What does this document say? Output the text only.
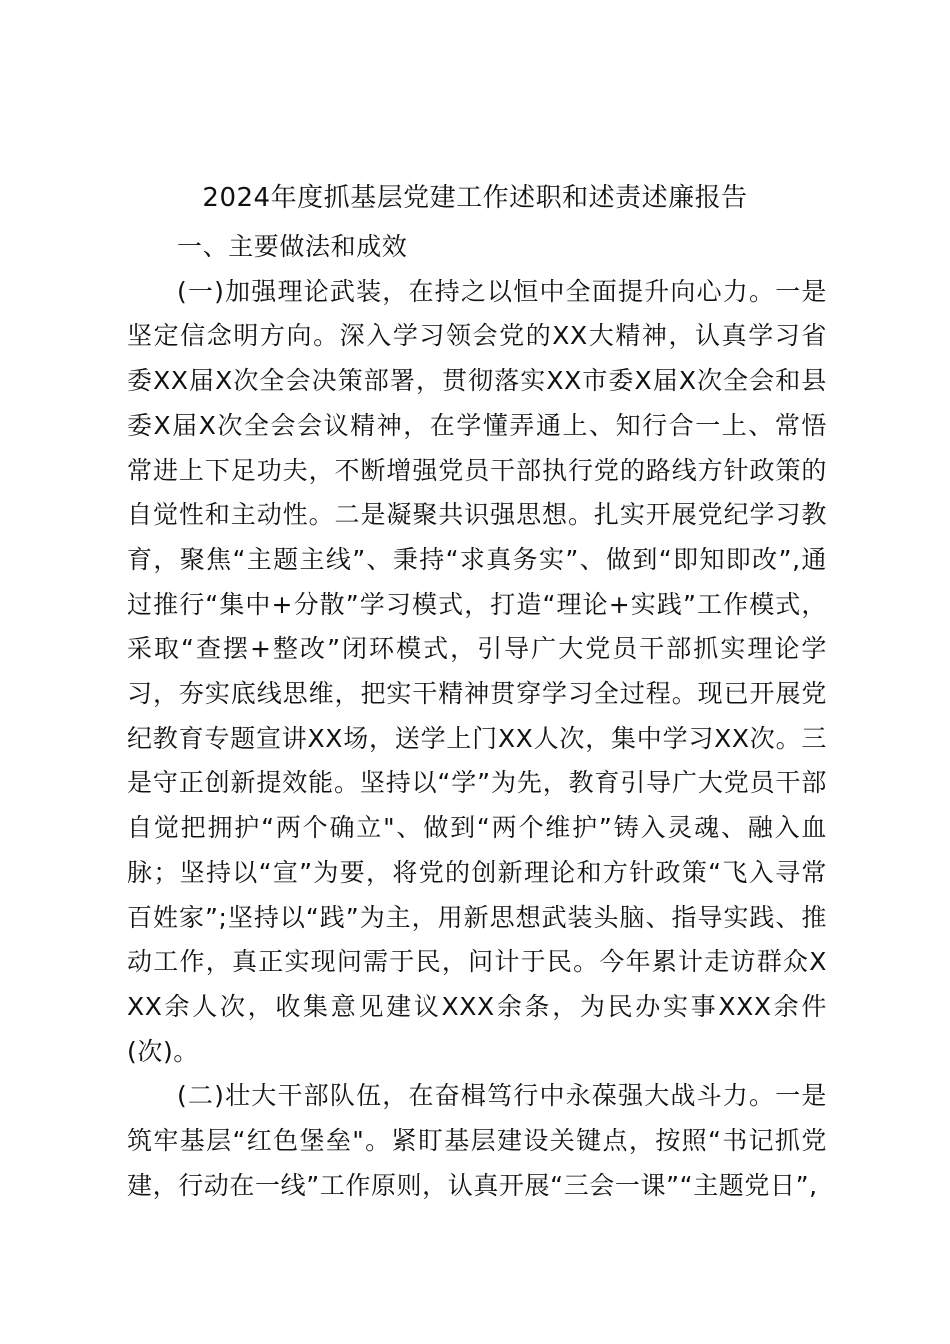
2024年度抓基层党建工作述职和述责述廉报告

一、主要做法和成效

(一)加强理论武装，在持之以恒中全面提升向心力。一是坚定信念明方向。深入学习领会党的XX大精神，认真学习省委XX届X次全会决策部署，贯彻落实XX市委X届X次全会和县委X届X次全会会议精神，在学懂弄通上、知行合一上、常悟常进上下足功夫，不断增强党员干部执行党的路线方针政策的自觉性和主动性。二是凝聚共识强思想。扎实开展党纪学习教育，聚焦“主题主线”、秉持“求真务实”、做到“即知即改”,通过推行“集中+分散”学习模式，打造“理论+实践”工作模式，采取“查摆+整改”闭环模式，引导广大党员干部抓实理论学习，夯实底线思维，把实干精神贯穿学习全过程。现已开展党纪教育专题宣讲XX场，送学上门XX人次，集中学习XX次。三是守正创新提效能。坚持以“学”为先，教育引导广大党员干部自觉把拥护“两个确立"、做到“两个维护”铸入灵魂、融入血脉；坚持以“宣”为要，将党的创新理论和方针政策“飞入寻常百姓家”;坚持以“践”为主，用新思想武装头脑、指导实践、推动工作，真正实现问需于民，问计于民。今年累计走访群众XXX余人次，收集意见建议XXX余条，为民办实事XXX余件(次)。

(二)壮大干部队伍，在奋楫笃行中永葆强大战斗力。一是筑牢基层“红色堡垒"。紧盯基层建设关键点，按照“书记抓党建，行动在一线”工作原则，认真开展“三会一课”“主题党日”,
